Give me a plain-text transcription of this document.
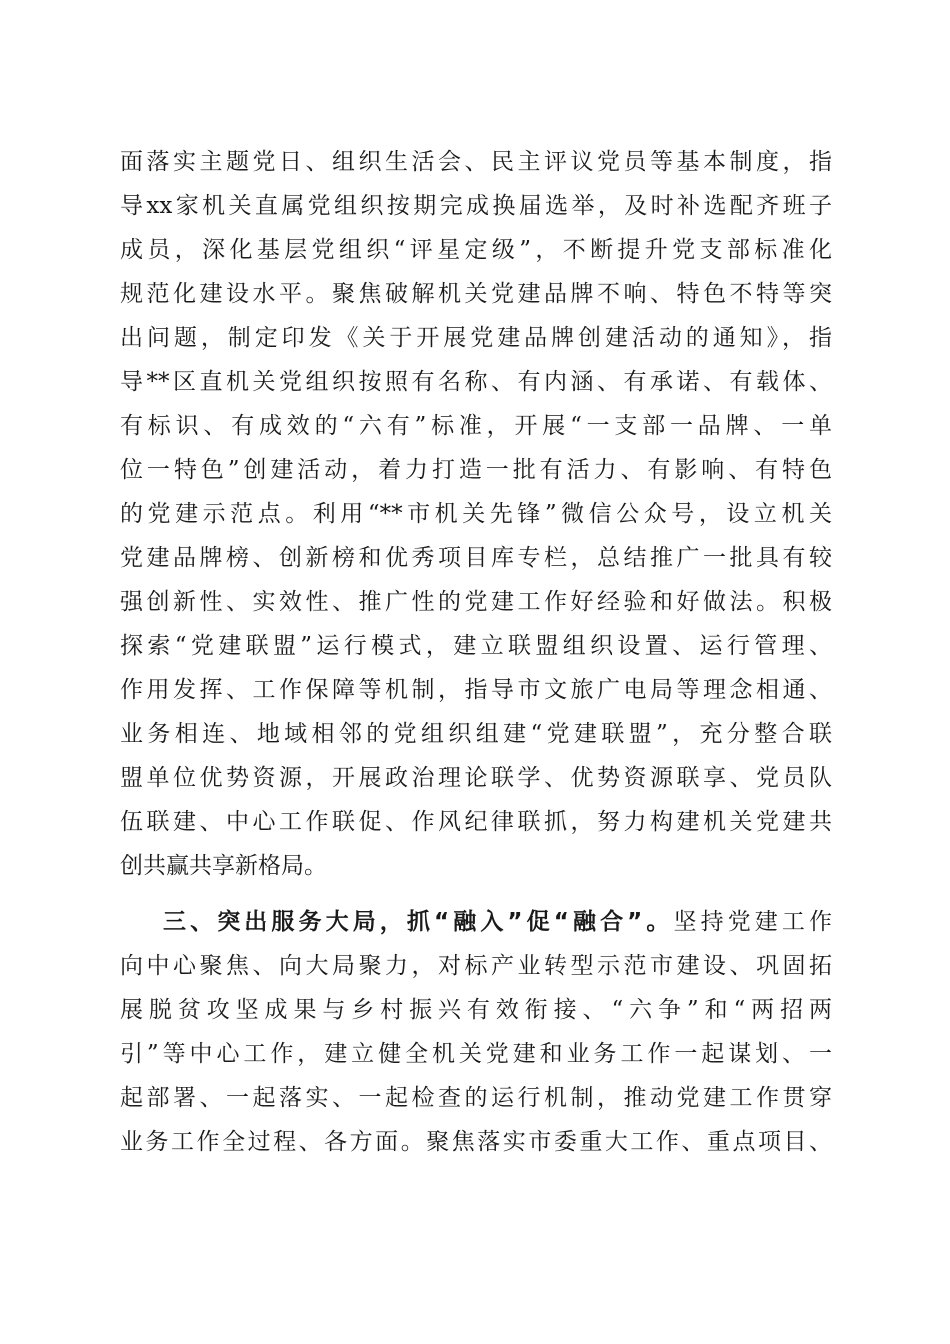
面落实主题党日、组织生活会、民主评议党员等基本制度，指
导xx家机关直属党组织按期完成换届选举，及时补选配齐班子
成员，深化基层党组织“评星定级”，不断提升党支部标准化
规范化建设水平。聚焦破解机关党建品牌不响、特色不特等突
出问题，制定印发《关于开展党建品牌创建活动的通知》，指
导**区直机关党组织按照有名称、有内涵、有承诺、有载体、
有标识、有成效的“六有”标准，开展“一支部一品牌、一单
位一特色”创建活动，着力打造一批有活力、有影响、有特色
的党建示范点。利用“**市机关先锋”微信公众号，设立机关
党建品牌榜、创新榜和优秀项目库专栏，总结推广一批具有较
强创新性、实效性、推广性的党建工作好经验和好做法。积极
探索“党建联盟”运行模式，建立联盟组织设置、运行管理、
作用发挥、工作保障等机制，指导市文旅广电局等理念相通、
业务相连、地域相邻的党组织组建“党建联盟”，充分整合联
盟单位优势资源，开展政治理论联学、优势资源联享、党员队
伍联建、中心工作联促、作风纪律联抓，努力构建机关党建共
创共赢共享新格局。
三、突出服务大局，抓“融入”促“融合”。坚持党建工作
向中心聚焦、向大局聚力，对标产业转型示范市建设、巩固拓
展脱贫攻坚成果与乡村振兴有效衔接、“六争”和“两招两
引”等中心工作，建立健全机关党建和业务工作一起谋划、一
起部署、一起落实、一起检查的运行机制，推动党建工作贯穿
业务工作全过程、各方面。聚焦落实市委重大工作、重点项目、
